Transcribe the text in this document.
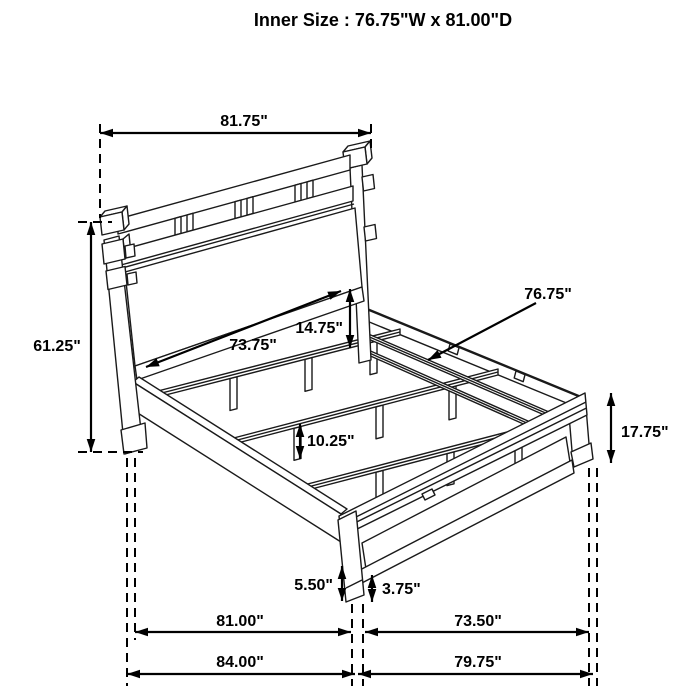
Inner Size : 76.75"W x 81.00"D
81.75"
61.25"	73.75"
14.75"
76.75"
10.25"
17.75"
5.50"	3.75"
81.00"	73.50"
84.00"	79.75"
